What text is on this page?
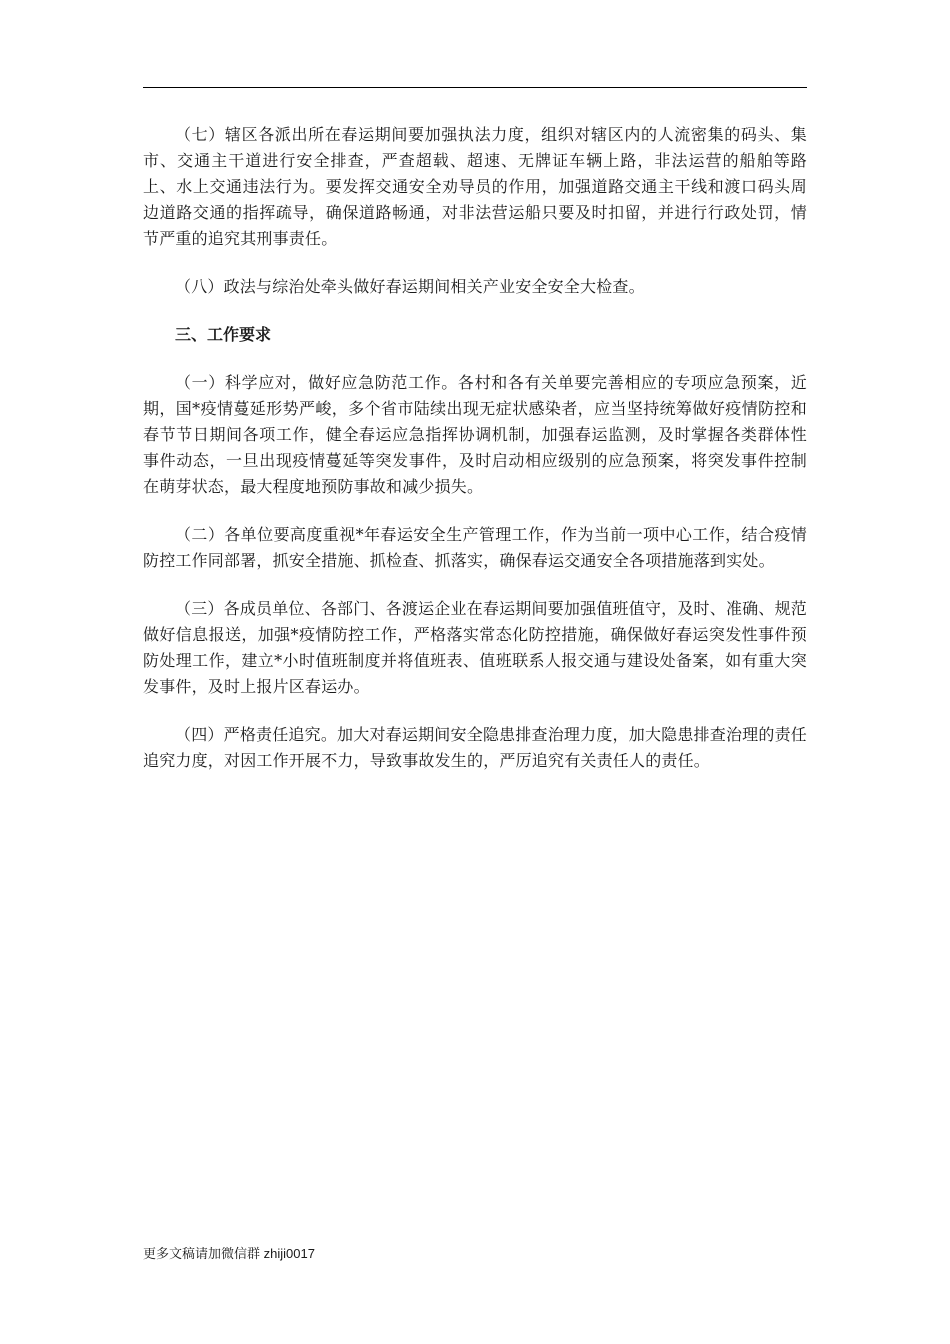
（七）辖区各派出所在春运期间要加强执法力度，组织对辖区内的人流密集的码头、集市、交通主干道进行安全排查，严查超载、超速、无牌证车辆上路，非法运营的船舶等路上、水上交通违法行为。要发挥交通安全劝导员的作用，加强道路交通主干线和渡口码头周边道路交通的指挥疏导，确保道路畅通，对非法营运船只要及时扣留，并进行行政处罚，情节严重的追究其刑事责任。

（八）政法与综治处牵头做好春运期间相关产业安全安全大检查。

三、工作要求

（一）科学应对，做好应急防范工作。各村和各有关单要完善相应的专项应急预案，近期，国*疫情蔓延形势严峻，多个省市陆续出现无症状感染者，应当坚持统筹做好疫情防控和春节节日期间各项工作，健全春运应急指挥协调机制，加强春运监测，及时掌握各类群体性事件动态，一旦出现疫情蔓延等突发事件，及时启动相应级别的应急预案，将突发事件控制在萌芽状态，最大程度地预防事故和减少损失。

（二）各单位要高度重视*年春运安全生产管理工作，作为当前一项中心工作，结合疫情防控工作同部署，抓安全措施、抓检查、抓落实，确保春运交通安全各项措施落到实处。

（三）各成员单位、各部门、各渡运企业在春运期间要加强值班值守，及时、准确、规范做好信息报送，加强*疫情防控工作，严格落实常态化防控措施，确保做好春运突发性事件预防处理工作，建立*小时值班制度并将值班表、值班联系人报交通与建设处备案，如有重大突发事件，及时上报片区春运办。

（四）严格责任追究。加大对春运期间安全隐患排查治理力度，加大隐患排查治理的责任追究力度，对因工作开展不力，导致事故发生的，严厉追究有关责任人的责任。

更多文稿请加微信群 zhiji0017
